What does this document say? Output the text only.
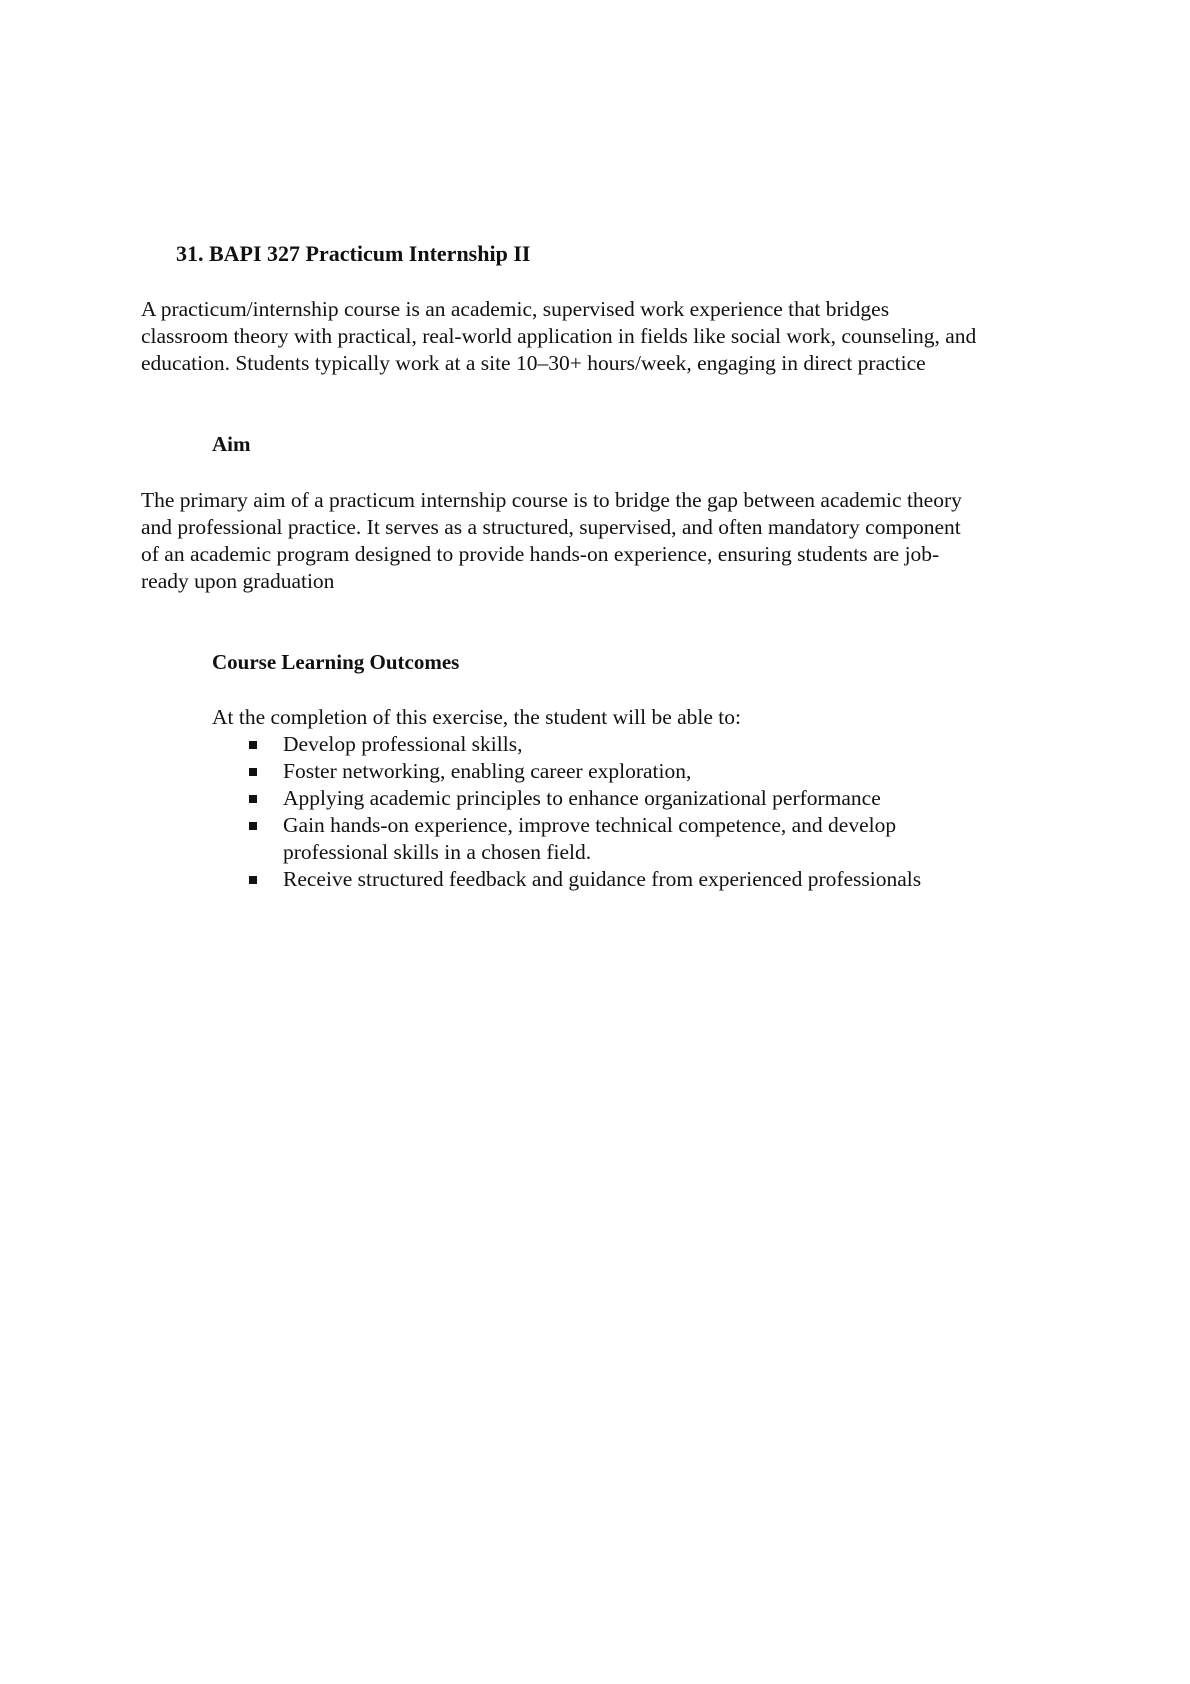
31. BAPI 327 Practicum Internship II

A practicum/internship course is an academic, supervised work experience that bridges
classroom theory with practical, real-world application in fields like social work, counseling, and
education. Students typically work at a site 10–30+ hours/week, engaging in direct practice

Aim

The primary aim of a practicum internship course is to bridge the gap between academic theory
and professional practice. It serves as a structured, supervised, and often mandatory component
of an academic program designed to provide hands-on experience, ensuring students are job-
ready upon graduation

Course Learning Outcomes

At the completion of this exercise, the student will be able to:

Develop professional skills,
Foster networking, enabling career exploration,
Applying academic principles to enhance organizational performance
Gain hands-on experience, improve technical competence, and develop
professional skills in a chosen field.
Receive structured feedback and guidance from experienced professionals
